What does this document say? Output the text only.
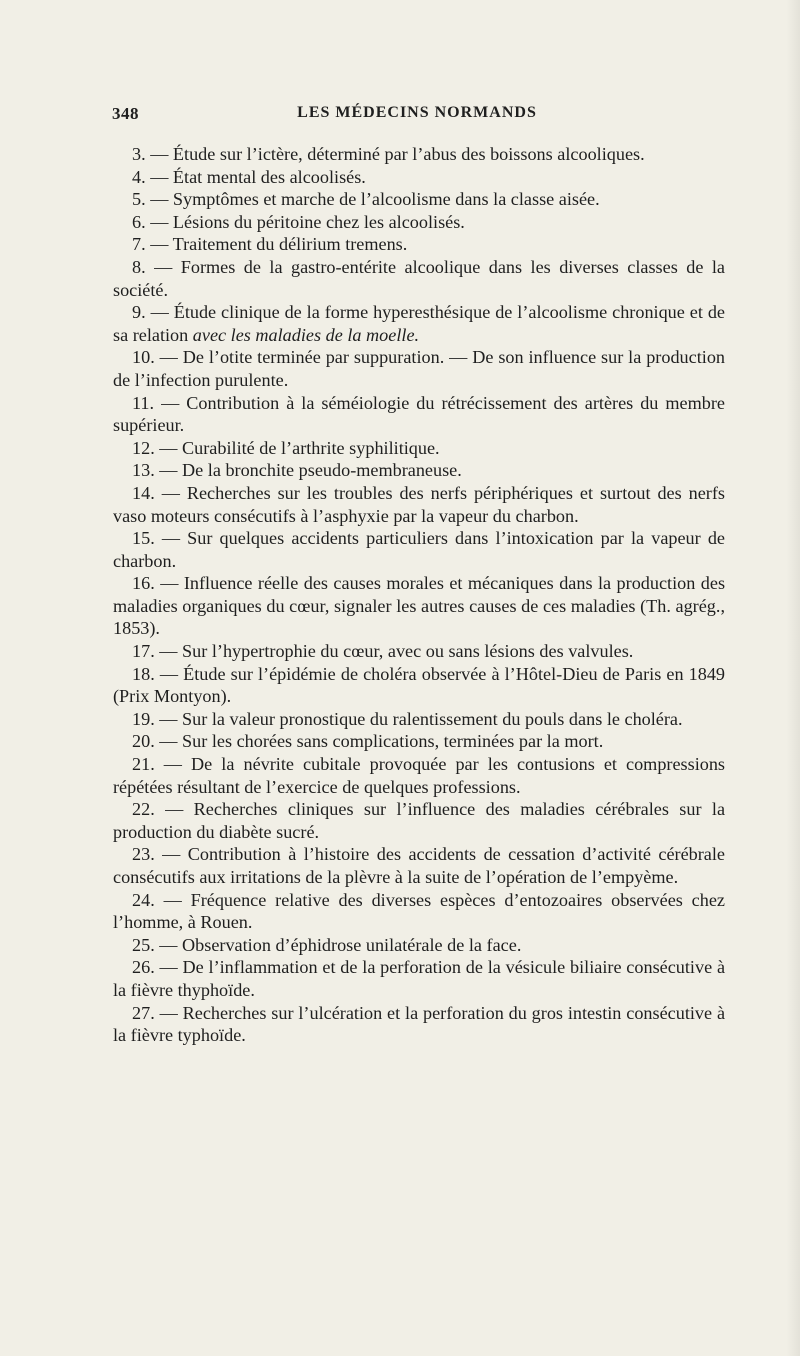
348	LES MÉDECINS NORMANDS

3. — Étude sur l’ictère, déterminé par l’abus des boissons alcooliques.

4. — État mental des alcoolisés.

5. — Symptômes et marche de l’alcoolisme dans la classe aisée.

6. — Lésions du péritoine chez les alcoolisés.

7. — Traitement du délirium tremens.

8. — Formes de la gastro-entérite alcoolique dans les diverses classes de la société.

9. — Étude clinique de la forme hyperesthésique de l’alcoolisme chronique et de sa relation avec les maladies de la moelle.

10. — De l’otite terminée par suppuration. — De son influence sur la production de l’infection purulente.

11. — Contribution à la séméiologie du rétrécissement des artères du membre supérieur.

12. — Curabilité de l’arthrite syphilitique.

13. — De la bronchite pseudo-membraneuse.

14. — Recherches sur les troubles des nerfs périphériques et surtout des nerfs vaso moteurs consécutifs à l’asphyxie par la vapeur du charbon.

15. — Sur quelques accidents particuliers dans l’intoxication par la vapeur de charbon.

16. — Influence réelle des causes morales et mécaniques dans la production des maladies organiques du cœur, signaler les autres causes de ces maladies (Th. agrég., 1853).

17. — Sur l’hypertrophie du cœur, avec ou sans lésions des valvules.

18. — Étude sur l’épidémie de choléra observée à l’Hôtel-Dieu de Paris en 1849 (Prix Montyon).

19. — Sur la valeur pronostique du ralentissement du pouls dans le choléra.

20. — Sur les chorées sans complications, terminées par la mort.

21. — De la névrite cubitale provoquée par les contusions et compressions répétées résultant de l’exercice de quelques professions.

22. — Recherches cliniques sur l’influence des maladies cérébrales sur la production du diabète sucré.

23. — Contribution à l’histoire des accidents de cessation d’activité cérébrale consécutifs aux irritations de la plèvre à la suite de l’opération de l’empyème.

24. — Fréquence relative des diverses espèces d’entozoaires observées chez l’homme, à Rouen.

25. — Observation d’éphidrose unilatérale de la face.

26. — De l’inflammation et de la perforation de la vésicule biliaire consécutive à la fièvre thyphoïde.

27. — Recherches sur l’ulcération et la perforation du gros intestin consécutive à la fièvre typhoïde.
